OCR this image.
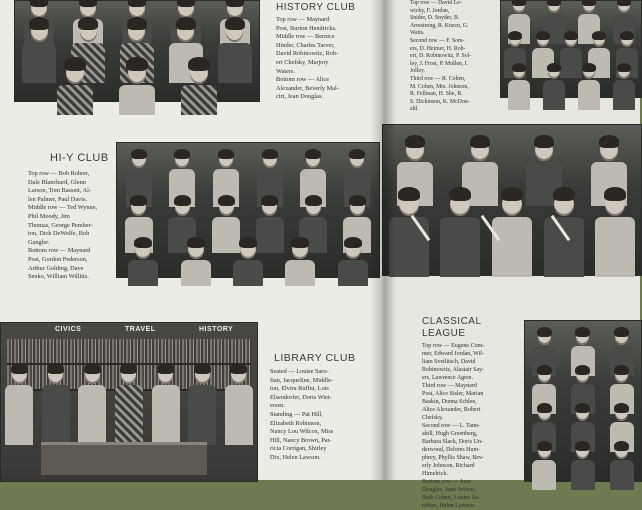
HISTORY CLUB
Top row — Maynard
Post, Burton Hendricks.
Middle row — Bernice
Hinder, Charles Tarver,
David Robinowitz, Rob-
ert Chefsky, Marjory
Waters.
Bottom row — Alice
Alexander, Beverly Mal-
cirt, Jean Douglas.
HI-Y CLUB
Top row — Bob Rohrer,
Dale Blanchard, Glenn
Larson, Tom Bassett, Al-
len Palmer, Paul Davis.
Middle row — Ted Wynne,
Phil Moody, Jim
Thomas, George Pember-
ton, Dick DeWolfe, Bob
Gangler.
Bottom row — Maynard
Post, Gordon Pederson,
Arthur Golding, Dave
Senko, William Willitts.
CIVICS	TRAVEL	HISTORY
LIBRARY CLUB
Seated — Louise Saro-
fian, Jacqueline, Middle-
ton, Elvira Ruffni, Lois
Elsendorfer, Doris Wiet-
ersen.
Standing — Pat Hill,
Elizabeth Robinson,
Nancy Lou Wilcox, Miss
Hill, Nancy Brown, Pat-
ricia Corrigan, Shirley
Dix, Helen Lawson.
Top row — David Le-
wicky, F. Jordan,
Snider, D. Snyder, B.
Armstrong, R. Knecn, G.
Watts.
Second row — F. Som-
ers, D. Heimer, H. Rob-
ert, D. Robinowitz, P. Sol-
ley, J. Frost, P. Mullen, I.
Jolley.
Third row — R. Coben,
M. Cohen, Mrs. Johnson,
R. Fellman, H. Sbe, R.
S. Dickinson, K. McDon-
ald.
CLASSICAL
LEAGUE
Top row — Eugene Com-
mer, Edward Jordan, Wil-
liam Svetlitsch, David
Robinowitz, Alastair Say-
ers, Lawrence Agree.
Third row — Maynard
Post, Alice Sisler, Marian
Baskin, Donna Schlee,
Alice Alexander, Robert
Chefsky.
Second row — L. Tann-
ahill, Hugh Greenberg,
Barbara Slack, Doris Un-
derwood, Delores Hum-
phrey, Phyllis Shaw, Bev-
erly Johnson, Richard
Himelrick.
Bottom row — Joan
Douglas, June Avison,
Ruth Cohen, Louise Sa-
rofian, Helen Lawson.
